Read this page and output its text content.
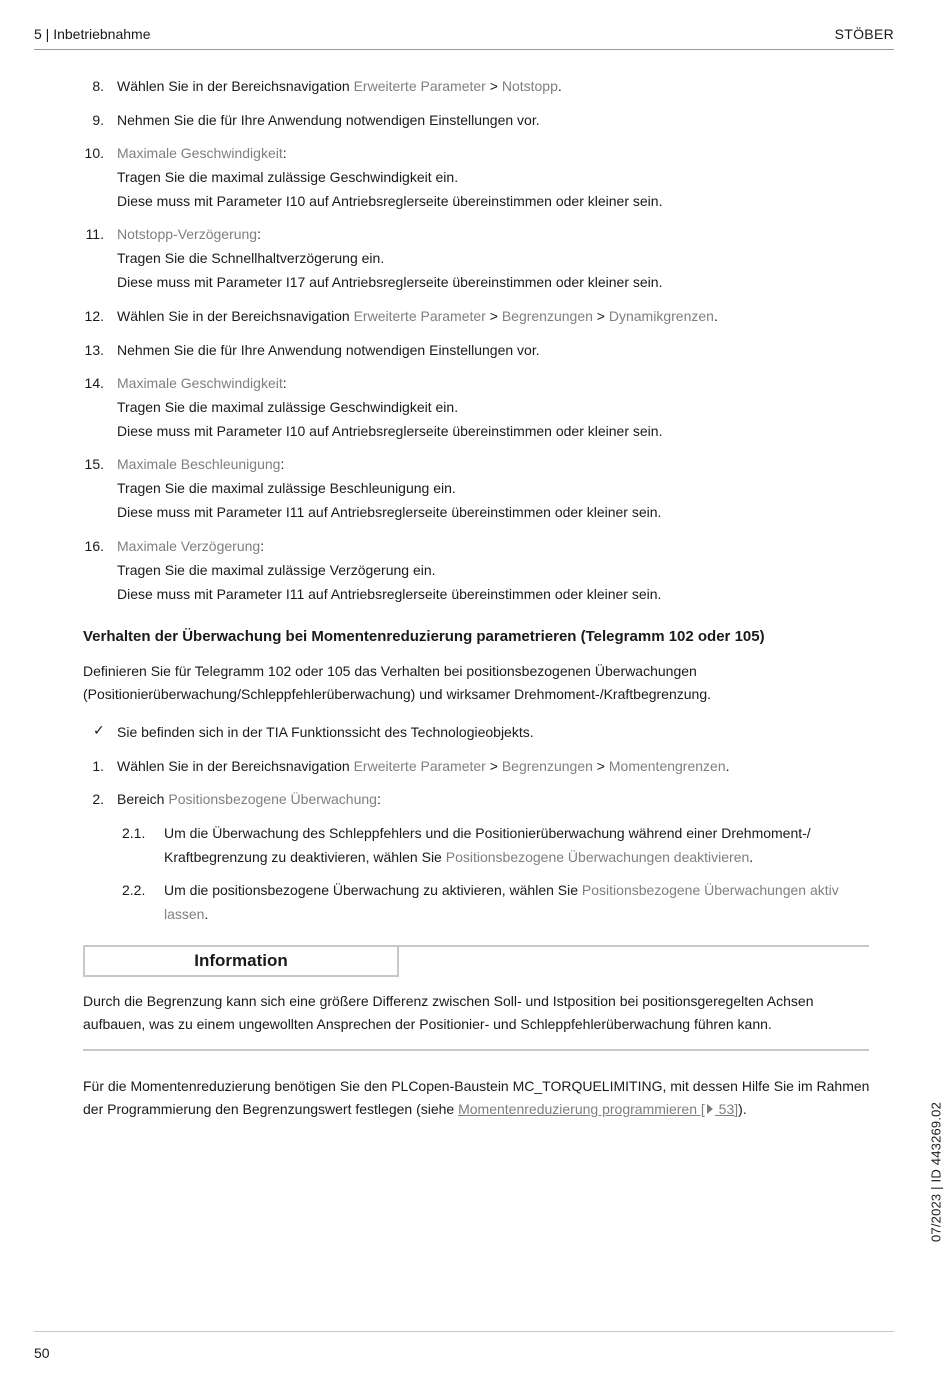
5 | Inbetriebnahme	STÖBER
8. Wählen Sie in der Bereichsnavigation Erweiterte Parameter > Notstopp.
9. Nehmen Sie die für Ihre Anwendung notwendigen Einstellungen vor.
10. Maximale Geschwindigkeit:
Tragen Sie die maximal zulässige Geschwindigkeit ein.
Diese muss mit Parameter I10 auf Antriebsreglerseite übereinstimmen oder kleiner sein.
11. Notstopp-Verzögerung:
Tragen Sie die Schnellhaltverzögerung ein.
Diese muss mit Parameter I17 auf Antriebsreglerseite übereinstimmen oder kleiner sein.
12. Wählen Sie in der Bereichsnavigation Erweiterte Parameter > Begrenzungen > Dynamikgrenzen.
13. Nehmen Sie die für Ihre Anwendung notwendigen Einstellungen vor.
14. Maximale Geschwindigkeit:
Tragen Sie die maximal zulässige Geschwindigkeit ein.
Diese muss mit Parameter I10 auf Antriebsreglerseite übereinstimmen oder kleiner sein.
15. Maximale Beschleunigung:
Tragen Sie die maximal zulässige Beschleunigung ein.
Diese muss mit Parameter I11 auf Antriebsreglerseite übereinstimmen oder kleiner sein.
16. Maximale Verzögerung:
Tragen Sie die maximal zulässige Verzögerung ein.
Diese muss mit Parameter I11 auf Antriebsreglerseite übereinstimmen oder kleiner sein.
Verhalten der Überwachung bei Momentenreduzierung parametrieren (Telegramm 102 oder 105)
Definieren Sie für Telegramm 102 oder 105 das Verhalten bei positionsbezogenen Überwachungen
(Positionierüberwachung/Schleppfehlerüberwachung) und wirksamer Drehmoment-/Kraftbegrenzung.
✓ Sie befinden sich in der TIA Funktionssicht des Technologieobjekts.
1. Wählen Sie in der Bereichsnavigation Erweiterte Parameter > Begrenzungen > Momentengrenzen.
2. Bereich Positionsbezogene Überwachung:
2.1. Um die Überwachung des Schleppfehlers und die Positionierüberwachung während einer Drehmoment-/
Kraftbegrenzung zu deaktivieren, wählen Sie Positionsbezogene Überwachungen deaktivieren.
2.2. Um die positionsbezogene Überwachung zu aktivieren, wählen Sie Positionsbezogene Überwachungen aktiv
lassen.
Information
Durch die Begrenzung kann sich eine größere Differenz zwischen Soll- und Istposition bei positionsgeregelten Achsen
aufbauen, was zu einem ungewollten Ansprechen der Positionier- und Schleppfehlerüberwachung führen kann.
Für die Momentenreduzierung benötigen Sie den PLCopen-Baustein MC_TORQUELIMITING, mit dessen Hilfe Sie im Rahmen
der Programmierung den Begrenzungswert festlegen (siehe Momentenreduzierung programmieren [ 53]).	07/2023 | ID 443269.02
50
